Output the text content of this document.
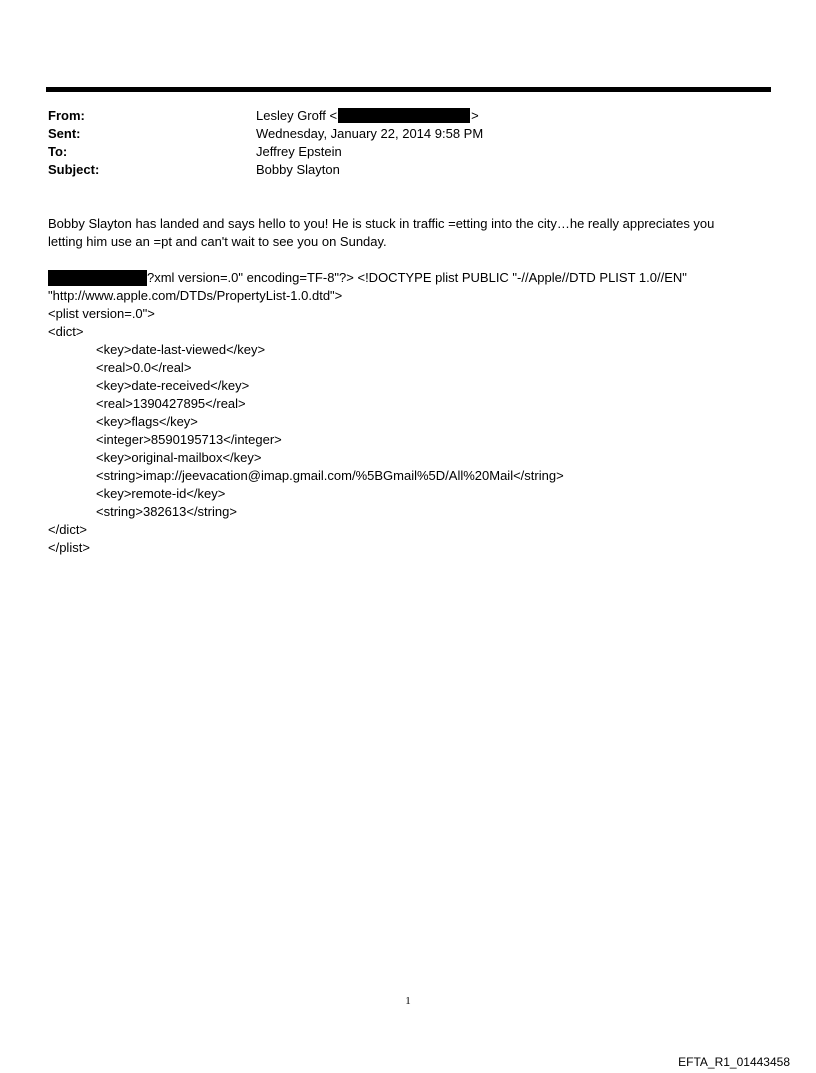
From:	Lesley Groff <	>
Sent:	Wednesday, January 22, 2014 9:58 PM
To:	Jeffrey Epstein
Subject:	Bobby Slayton
Bobby Slayton has landed and says hello to you! He is stuck in traffic =etting into the city…he really appreciates you
letting him use an =pt and can't wait to see you on Sunday.
?xml version=.0" encoding=TF-8"?> <!DOCTYPE plist PUBLIC "-//Apple//DTD PLIST 1.0//EN"
"http://www.apple.com/DTDs/PropertyList-1.0.dtd">
<plist version=.0">
<dict>
<key>date-last-viewed</key>
<real>0.0</real>
<key>date-received</key>
<real>1390427895</real>
<key>flags</key>
<integer>8590195713</integer>
<key>original-mailbox</key>
<string>imap://jeevacation@imap.gmail.com/%5BGmail%5D/All%20Mail</string>
<key>remote-id</key>
<string>382613</string>
</dict>
</plist>
1
EFTA_R1_01443458
